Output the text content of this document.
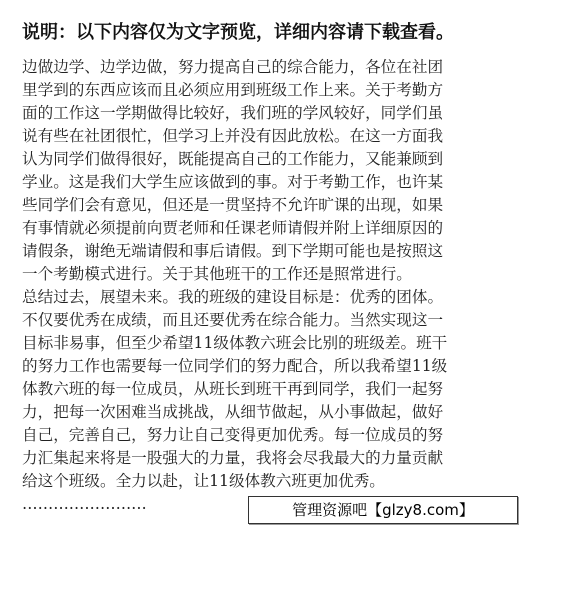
说明：以下内容仅为文字预览，详细内容请下载查看。
边做边学、边学边做，努力提高自己的综合能力，各位在社团
里学到的东西应该而且必须应用到班级工作上来。关于考勤方
面的工作这一学期做得比较好，我们班的学风较好，同学们虽
说有些在社团很忙，但学习上并没有因此放松。在这一方面我
认为同学们做得很好，既能提高自己的工作能力，又能兼顾到
学业。这是我们大学生应该做到的事。对于考勤工作，也许某
些同学们会有意见，但还是一贯坚持不允许旷课的出现，如果
有事情就必须提前向贾老师和任课老师请假并附上详细原因的
请假条，谢绝无端请假和事后请假。到下学期可能也是按照这
一个考勤模式进行。关于其他班干的工作还是照常进行。
总结过去，展望未来。我的班级的建设目标是：优秀的团体。
不仅要优秀在成绩，而且还要优秀在综合能力。当然实现这一
目标非易事，但至少希望11级体教六班会比别的班级差。班干
的努力工作也需要每一位同学们的努力配合，所以我希望11级
体教六班的每一位成员，从班长到班干再到同学，我们一起努
力，把每一次困难当成挑战，从细节做起，从小事做起，做好
自己，完善自己，努力让自己变得更加优秀。每一位成员的努
力汇集起来将是一股强大的力量，我将会尽我最大的力量贡献
给这个班级。全力以赴，让11级体教六班更加优秀。
……………………	管理资源吧【glzy8.com】
